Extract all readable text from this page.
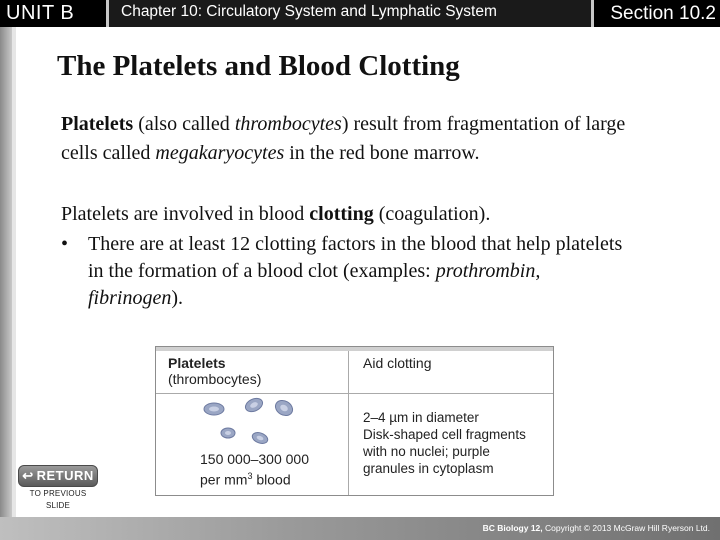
UNIT B	Chapter 10: Circulatory System and Lymphatic System	Section 10.2
The Platelets and Blood Clotting
Platelets (also called thrombocytes) result from fragmentation of large cells called megakaryocytes in the red bone marrow.
Platelets are involved in blood clotting (coagulation).
• There are at least 12 clotting factors in the blood that help platelets in the formation of a blood clot (examples: prothrombin, fibrinogen).
Platelets
(thrombocytes)
Aid clotting
2–4 µm in diameter
Disk-shaped cell fragments
with no nuclei; purple
granules in cytoplasm
150 000–300 000
per $mm^3$ blood
↩ RETURN
TO PREVIOUS
SLIDE
BC Biology 12, Copyright © 2013 McGraw Hill Ryerson Ltd.
